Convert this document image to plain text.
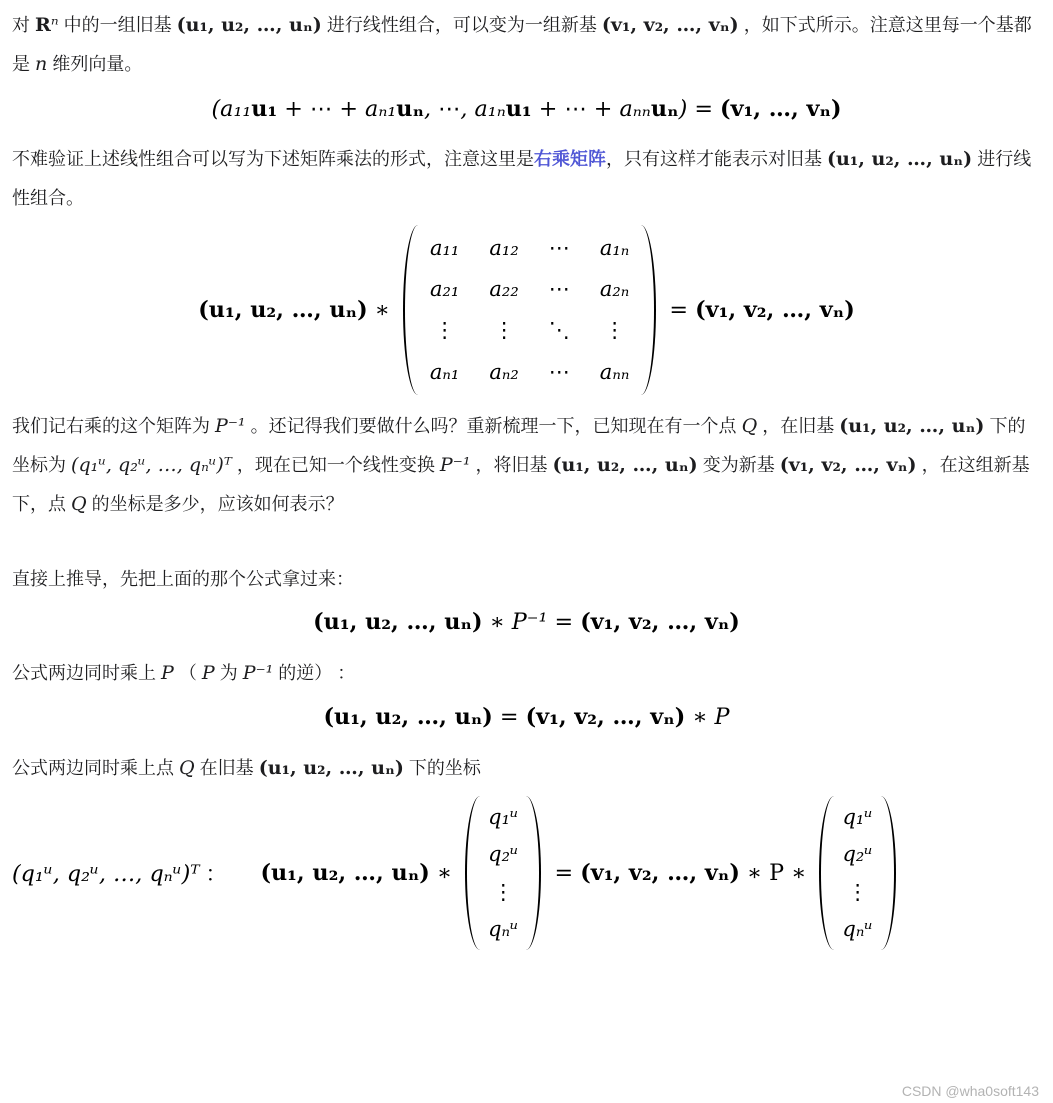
对 Rⁿ 中的一组旧基 (u₁, u₂, …, uₙ) 进行线性组合，可以变为一组新基 (v₁, v₂, …, vₙ) ，如下式所示。注意这里每一个基都是 n 维列向量。

(a₁₁u₁ + ⋯ + aₙ₁uₙ, ⋯, a₁ₙu₁ + ⋯ + aₙₙuₙ) = (v₁, …, vₙ)

不难验证上述线性组合可以写为下述矩阵乘法的形式，注意这里是右乘矩阵，只有这样才能表示对旧基 (u₁, u₂, …, uₙ) 进行线性组合。

(u₁, u₂, …, uₙ) ∗
a₁₁ a₁₂ ⋯ a₁ₙ
a₂₁ a₂₂ ⋯ a₂ₙ
⋮ ⋮ ⋱ ⋮
aₙ₁ aₙ₂ ⋯ aₙₙ
= (v₁, v₂, …, vₙ)

我们记右乘的这个矩阵为 P⁻¹ 。还记得我们要做什么吗？重新梳理一下，已知现在有一个点 Q ，在旧基 (u₁, u₂, …, uₙ) 下的坐标为 (q₁ᵘ, q₂ᵘ, …, qₙᵘ)ᵀ ，现在已知一个线性变换 P⁻¹ ，将旧基 (u₁, u₂, …, uₙ) 变为新基 (v₁, v₂, …, vₙ) ，在这组新基下，点 Q 的坐标是多少，应该如何表示？

直接上推导，先把上面的那个公式拿过来：

(u₁, u₂, …, uₙ) ∗ P⁻¹ = (v₁, v₂, …, vₙ)

公式两边同时乘上 P （ P 为 P⁻¹ 的逆） ：

(u₁, u₂, …, uₙ) = (v₁, v₂, …, vₙ) ∗ P

公式两边同时乘上点 Q 在旧基 (u₁, u₂, …, uₙ) 下的坐标

(q₁ᵘ, q₂ᵘ, …, qₙᵘ)ᵀ ： (u₁, u₂, …, uₙ) ∗
q₁ᵘ
q₂ᵘ
⋮
qₙᵘ
= (v₁, v₂, …, vₙ) ∗ P ∗
q₁ᵘ
q₂ᵘ
⋮
qₙᵘ
CSDN @wha0soft143
